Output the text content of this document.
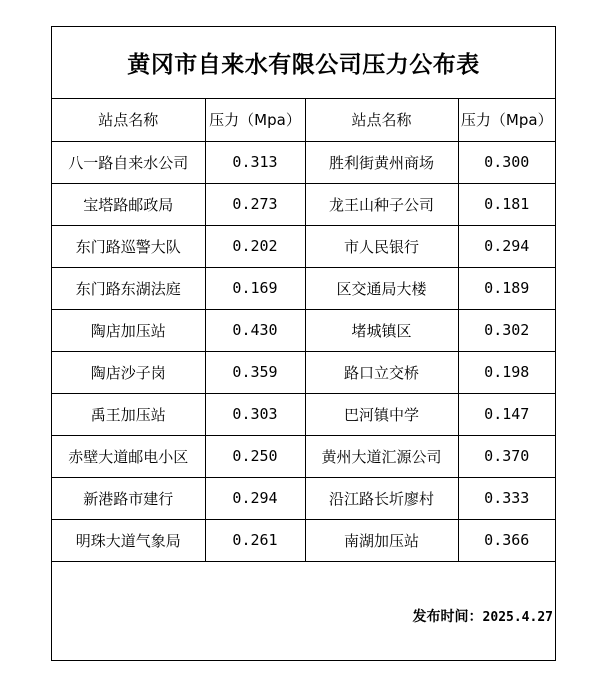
黄冈市自来水有限公司压力公布表
站点名称	压力（Mpa）	站点名称	压力（Mpa）
八一路自来水公司	0.313	胜利街黄州商场	0.300
宝塔路邮政局	0.273	龙王山种子公司	0.181
东门路巡警大队	0.202	市人民银行	0.294
东门路东湖法庭	0.169	区交通局大楼	0.189
陶店加压站	0.430	堵城镇区	0.302
陶店沙子岗	0.359	路口立交桥	0.198
禹王加压站	0.303	巴河镇中学	0.147
赤壁大道邮电小区	0.250	黄州大道汇源公司	0.370
新港路市建行	0.294	沿江路长圻廖村	0.333
明珠大道气象局	0.261	南湖加压站	0.366
发布时间：2025.4.27
